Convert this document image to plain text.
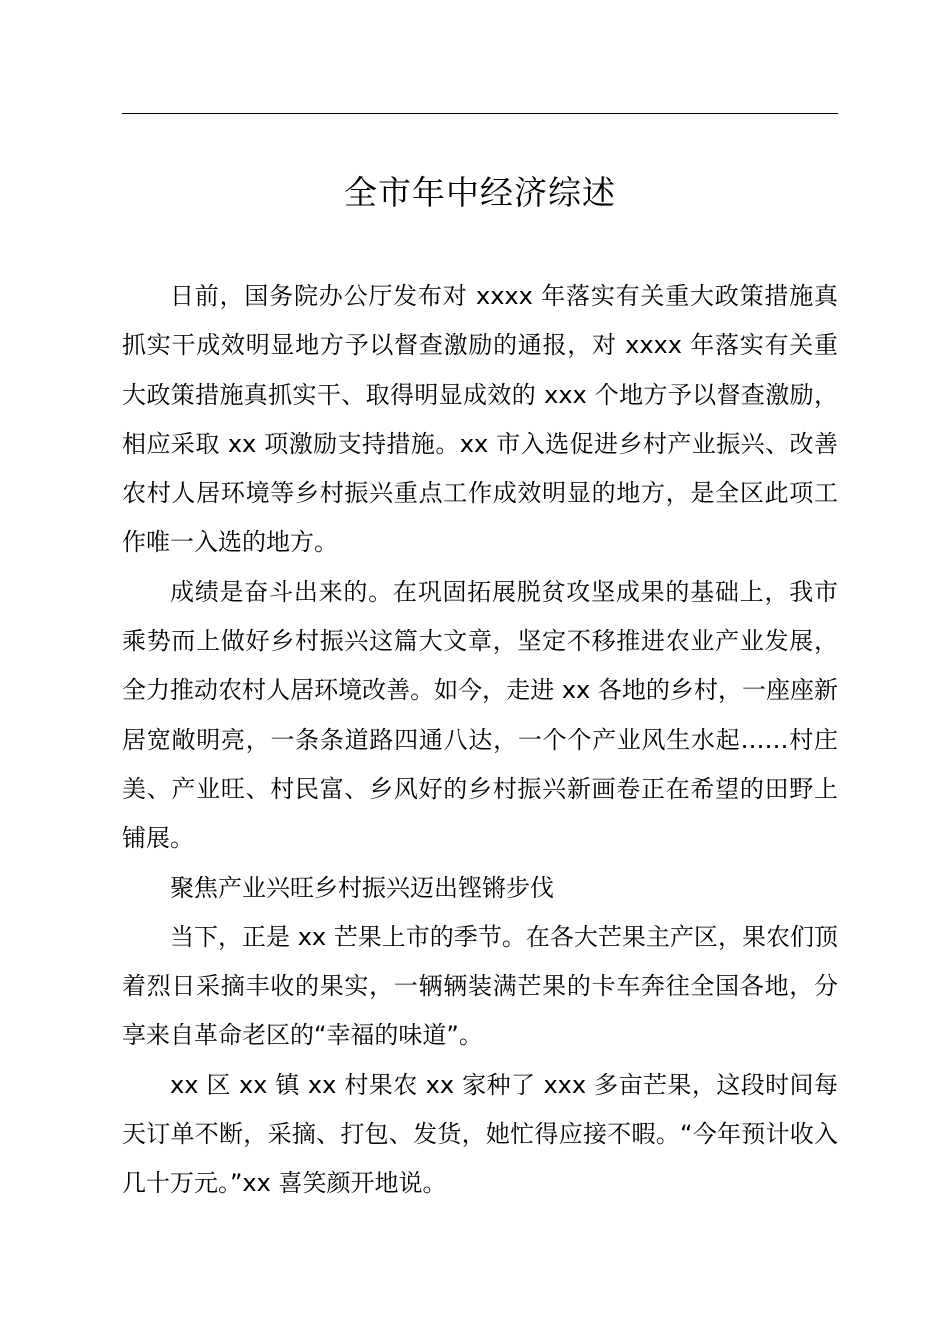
全市年中经济综述

日前，国务院办公厅发布对 xxxx 年落实有关重大政策措施真抓实干成效明显地方予以督查激励的通报，对 xxxx 年落实有关重大政策措施真抓实干、取得明显成效的 xxx 个地方予以督查激励，相应采取 xx 项激励支持措施。xx 市入选促进乡村产业振兴、改善农村人居环境等乡村振兴重点工作成效明显的地方，是全区此项工作唯一入选的地方。

成绩是奋斗出来的。在巩固拓展脱贫攻坚成果的基础上，我市乘势而上做好乡村振兴这篇大文章，坚定不移推进农业产业发展，全力推动农村人居环境改善。如今，走进 xx 各地的乡村，一座座新居宽敞明亮，一条条道路四通八达，一个个产业风生水起……村庄美、产业旺、村民富、乡风好的乡村振兴新画卷正在希望的田野上铺展。

聚焦产业兴旺乡村振兴迈出铿锵步伐

当下，正是 xx 芒果上市的季节。在各大芒果主产区，果农们顶着烈日采摘丰收的果实，一辆辆装满芒果的卡车奔往全国各地，分享来自革命老区的“幸福的味道”。

xx 区 xx 镇 xx 村果农 xx 家种了 xxx 多亩芒果，这段时间每天订单不断，采摘、打包、发货，她忙得应接不暇。“今年预计收入几十万元。”xx 喜笑颜开地说。
